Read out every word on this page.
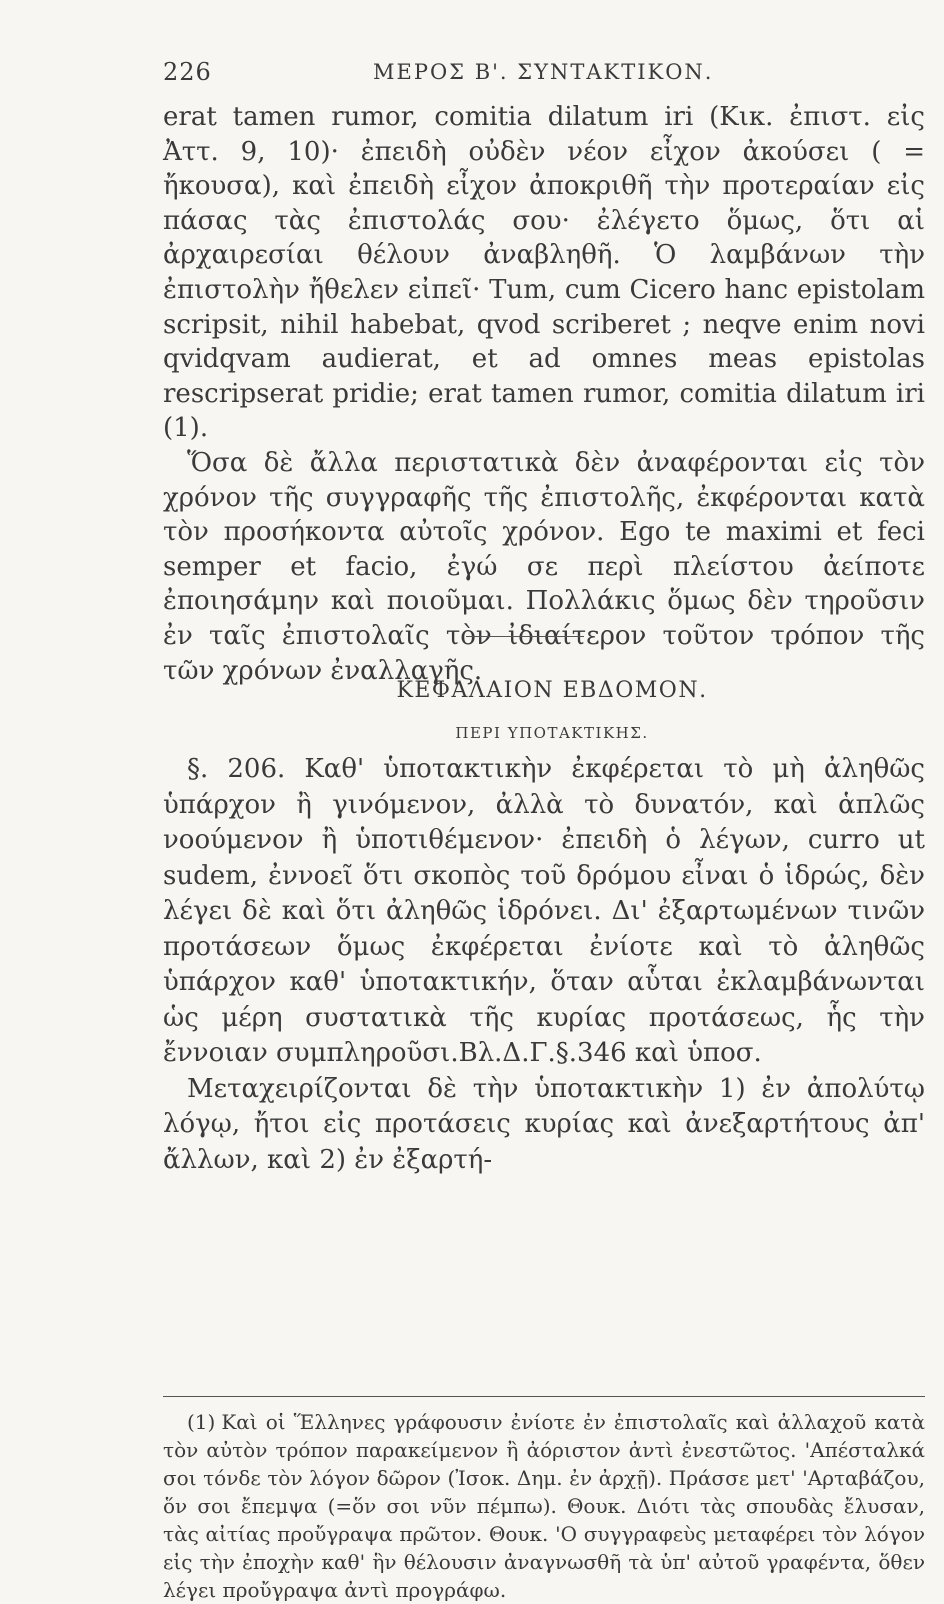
226	ΜΕΡΟΣ Β'. ΣΥΝΤΑΚΤΙΚΟΝ.

erat tamen rumor, comitia dilatum iri (Κικ. ἐπιστ. εἰς Ἀττ. 9, 10)· ἐπειδὴ οὐδὲν νέον εἶχον ἀκούσει ( = ἤκουσα), καὶ ἐπειδὴ εἶχον ἀποκριθῆ τὴν προτεραίαν εἰς πάσας τὰς ἐπιστολάς σου· ἐλέγετο ὅμως, ὅτι αἱ ἀρχαιρεσίαι θέλουν ἀναβληθῆ. Ὁ λαμβάνων τὴν ἐπιστολὴν ἤθελεν εἰπεῖ· Tum, cum Cicero hanc epistolam scripsit, nihil habebat, qvod scriberet ; neqve enim novi qvidqvam audierat, et ad omnes meas epistolas rescripserat pridie; erat tamen rumor, comitia dilatum iri (1).

Ὅσα δὲ ἄλλα περιστατικὰ δὲν ἀναφέρονται εἰς τὸν χρόνον τῆς συγγραφῆς τῆς ἐπιστολῆς, ἐκφέρονται κατὰ τὸν προσήκοντα αὐτοῖς χρόνον. Ego te maximi et feci semper et facio, ἐγώ σε περὶ πλείστου ἀείποτε ἐποιησάμην καὶ ποιοῦμαι. Πολλάκις ὅμως δὲν τηροῦσιν ἐν ταῖς ἐπιστολαῖς τὸν ἰδιαίτερον τοῦτον τρόπον τῆς τῶν χρόνων ἐναλλαγῆς.

ΚΕΦΑΛΑΙΟΝ ΕΒΔΟΜΟΝ.
ΠΕΡΙ ΥΠΟΤΑΚΤΙΚΗΣ.

§. 206. Καθ' ὑποτακτικὴν ἐκφέρεται τὸ μὴ ἀληθῶς ὑπάρχον ἢ γινόμενον, ἀλλὰ τὸ δυνατόν, καὶ ἁπλῶς νοούμενον ἢ ὑποτιθέμενον· ἐπειδὴ ὁ λέγων, curro ut sudem, ἐννοεῖ ὅτι σκοπὸς τοῦ δρόμου εἶναι ὁ ἱδρώς, δὲν λέγει δὲ καὶ ὅτι ἀληθῶς ἱδρόνει. Δι' ἐξαρτωμένων τινῶν προτάσεων ὅμως ἐκφέρεται ἐνίοτε καὶ τὸ ἀληθῶς ὑπάρχον καθ' ὑποτακτικήν, ὅταν αὗται ἐκλαμβάνωνται ὡς μέρη συστατικὰ τῆς κυρίας προτάσεως, ἧς τὴν ἔννοιαν συμπληροῦσι.Βλ.Δ.Γ.§.346 καὶ ὑποσ.

Μεταχειρίζονται δὲ τὴν ὑποτακτικὴν 1) ἐν ἀπολύτῳ λόγῳ, ἤτοι εἰς προτάσεις κυρίας καὶ ἀνεξαρτήτους ἀπ' ἄλλων, καὶ 2) ἐν ἐξαρτή-

(1) Καὶ οἱ Ἕλληνες γράφουσιν ἐνίοτε ἐν ἐπιστολαῖς καὶ ἀλλαχοῦ κατὰ τὸν αὐτὸν τρόπον παρακείμενον ἢ ἀόριστον ἀντὶ ἐνεστῶτος. 'Απέσταλκά σοι τόνδε τὸν λόγον δῶρον (Ἰσοκ. Δημ. ἐν ἀρχῇ). Πράσσε μετ' 'Αρταβάζου, ὅν σοι ἔπεμψα (=ὅν σοι νῦν πέμπω). Θουκ. Διότι τὰς σπουδὰς ἔλυσαν, τὰς αἰτίας προὔγραψα πρῶτον. Θουκ. 'Ο συγγραφεὺς μεταφέρει τὸν λόγον εἰς τὴν ἐποχὴν καθ' ἣν θέλουσιν ἀναγνωσθῆ τὰ ὑπ' αὐτοῦ γραφέντα, ὅθεν λέγει προὔγραψα ἀντὶ προγράφω.
